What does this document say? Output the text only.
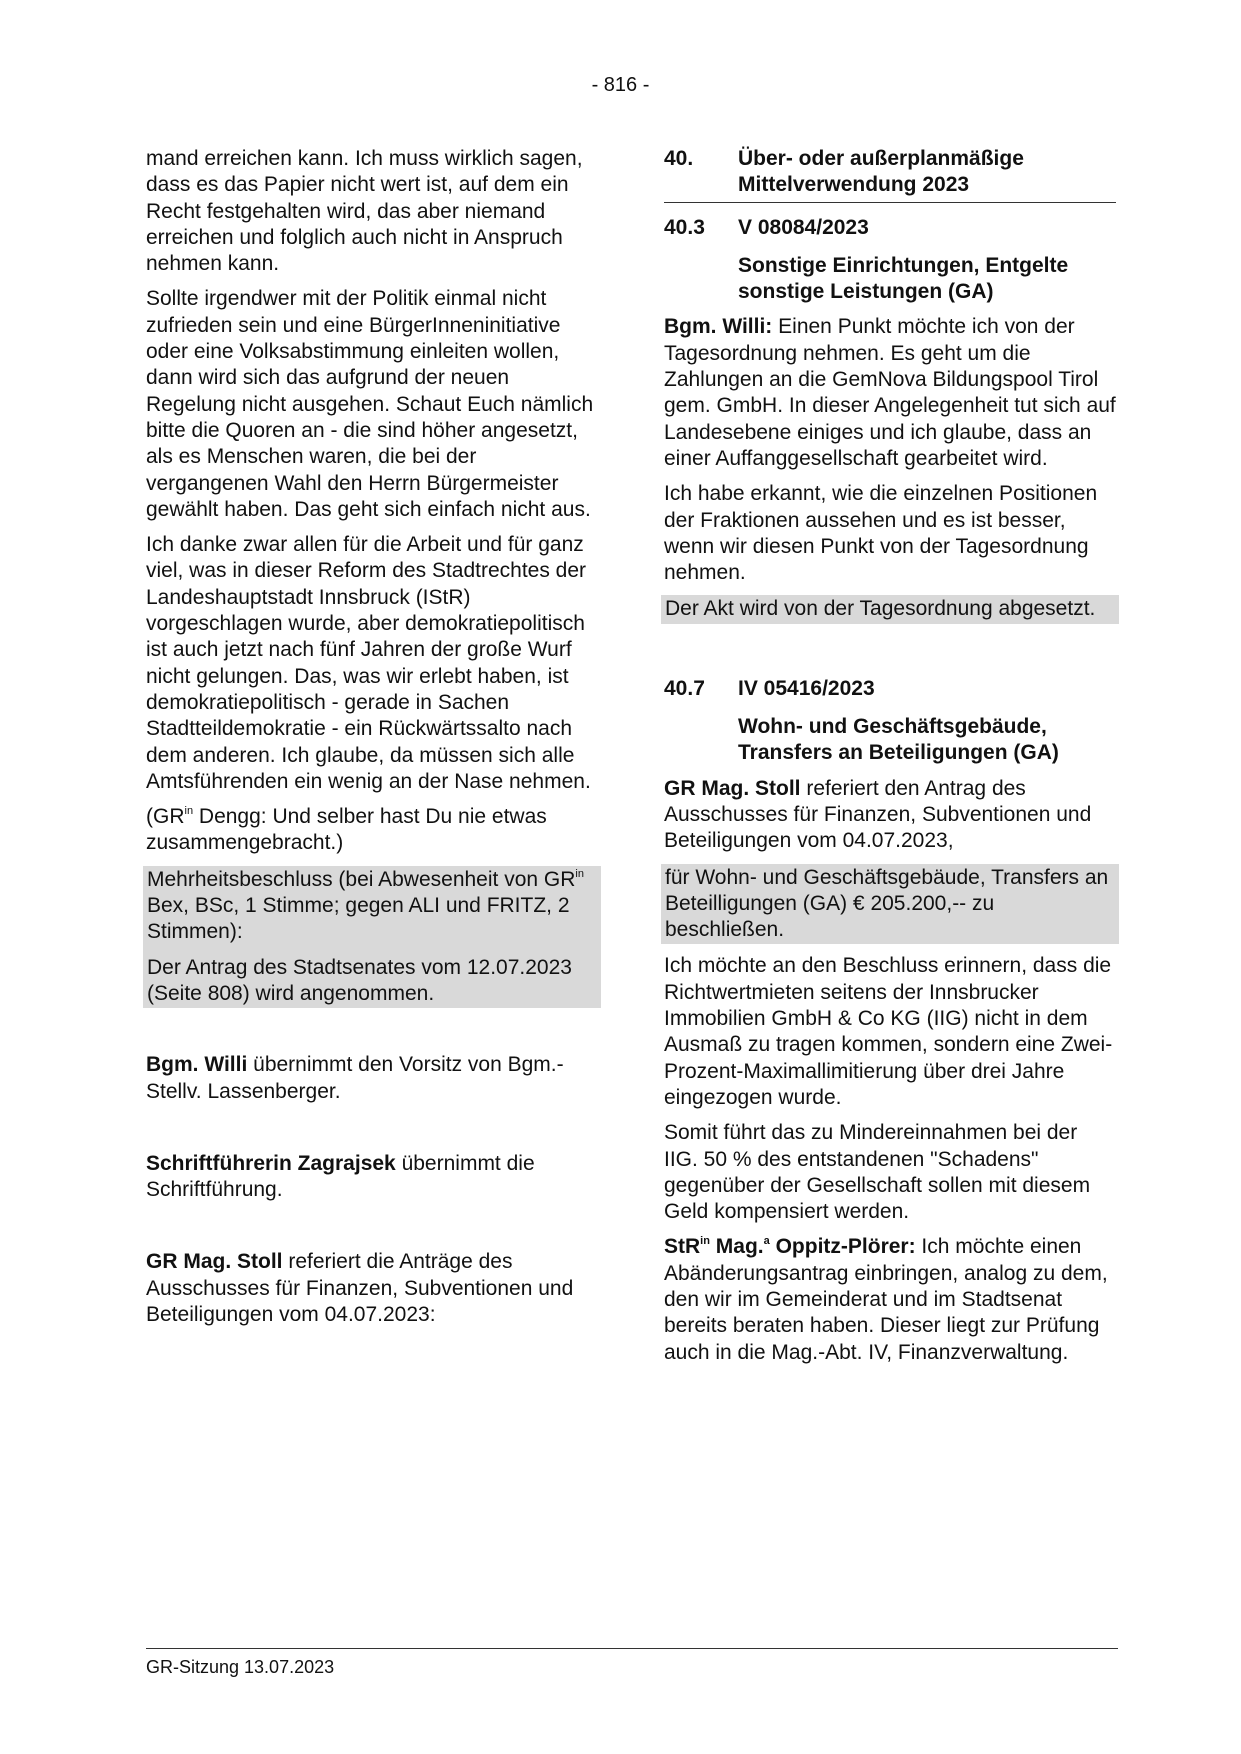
- 816 -

mand erreichen kann. Ich muss wirklich sagen, dass es das Papier nicht wert ist, auf dem ein Recht festgehalten wird, das aber niemand erreichen und folglich auch nicht in Anspruch nehmen kann.

Sollte irgendwer mit der Politik einmal nicht zufrieden sein und eine BürgerInneninitiative oder eine Volksabstimmung einleiten wollen, dann wird sich das aufgrund der neuen Regelung nicht ausgehen. Schaut Euch nämlich bitte die Quoren an - die sind höher angesetzt, als es Menschen waren, die bei der vergangenen Wahl den Herrn Bürgermeister gewählt haben. Das geht sich einfach nicht aus.

Ich danke zwar allen für die Arbeit und für ganz viel, was in dieser Reform des Stadtrechtes der Landeshauptstadt Innsbruck (IStR) vorgeschlagen wurde, aber demokratiepolitisch ist auch jetzt nach fünf Jahren der große Wurf nicht gelungen. Das, was wir erlebt haben, ist demokratiepolitisch - gerade in Sachen Stadtteildemokratie - ein Rückwärtssalto nach dem anderen. Ich glaube, da müssen sich alle Amtsführenden ein wenig an der Nase nehmen.

($GR^{in}$ Dengg: Und selber hast Du nie etwas zusammengebracht.)

Mehrheitsbeschluss (bei Abwesenheit von $GR^{in}$ Bex, BSc, 1 Stimme; gegen ALI und FRITZ, 2 Stimmen):

Der Antrag des Stadtsenates vom 12.07.2023 (Seite 808) wird angenommen.

Bgm. Willi übernimmt den Vorsitz von Bgm.-Stellv. Lassenberger.

Schriftführerin Zagrajsek übernimmt die Schriftführung.

GR Mag. Stoll referiert die Anträge des Ausschusses für Finanzen, Subventionen und Beteiligungen vom 04.07.2023:

40.	Über- oder außerplanmäßige Mittelverwendung 2023
40.3	V 08084/2023

Sonstige Einrichtungen, Entgelte sonstige Leistungen (GA)

Bgm. Willi: Einen Punkt möchte ich von der Tagesordnung nehmen. Es geht um die Zahlungen an die GemNova Bildungspool Tirol gem. GmbH. In dieser Angelegenheit tut sich auf Landesebene einiges und ich glaube, dass an einer Auffanggesellschaft gearbeitet wird.

Ich habe erkannt, wie die einzelnen Positionen der Fraktionen aussehen und es ist besser, wenn wir diesen Punkt von der Tagesordnung nehmen.

Der Akt wird von der Tagesordnung abgesetzt.

40.7	IV 05416/2023

Wohn- und Geschäftsgebäude, Transfers an Beteiligungen (GA)

GR Mag. Stoll referiert den Antrag des Ausschusses für Finanzen, Subventionen und Beteiligungen vom 04.07.2023,

für Wohn- und Geschäftsgebäude, Transfers an Beteilligungen (GA) € 205.200,-- zu beschließen.

Ich möchte an den Beschluss erinnern, dass die Richtwertmieten seitens der Innsbrucker Immobilien GmbH & Co KG (IIG) nicht in dem Ausmaß zu tragen kommen, sondern eine Zwei-Prozent-Maximallimitierung über drei Jahre eingezogen wurde.

Somit führt das zu Mindereinnahmen bei der IIG. 50 % des entstandenen "Schadens" gegenüber der Gesellschaft sollen mit diesem Geld kompensiert werden.

StR$^{in}$ Mag.$^a$ Oppitz-Plörer: Ich möchte einen Abänderungsantrag einbringen, analog zu dem, den wir im Gemeinderat und im Stadtsenat bereits beraten haben. Dieser liegt zur Prüfung auch in die Mag.-Abt. IV, Finanzverwaltung.

GR-Sitzung 13.07.2023
